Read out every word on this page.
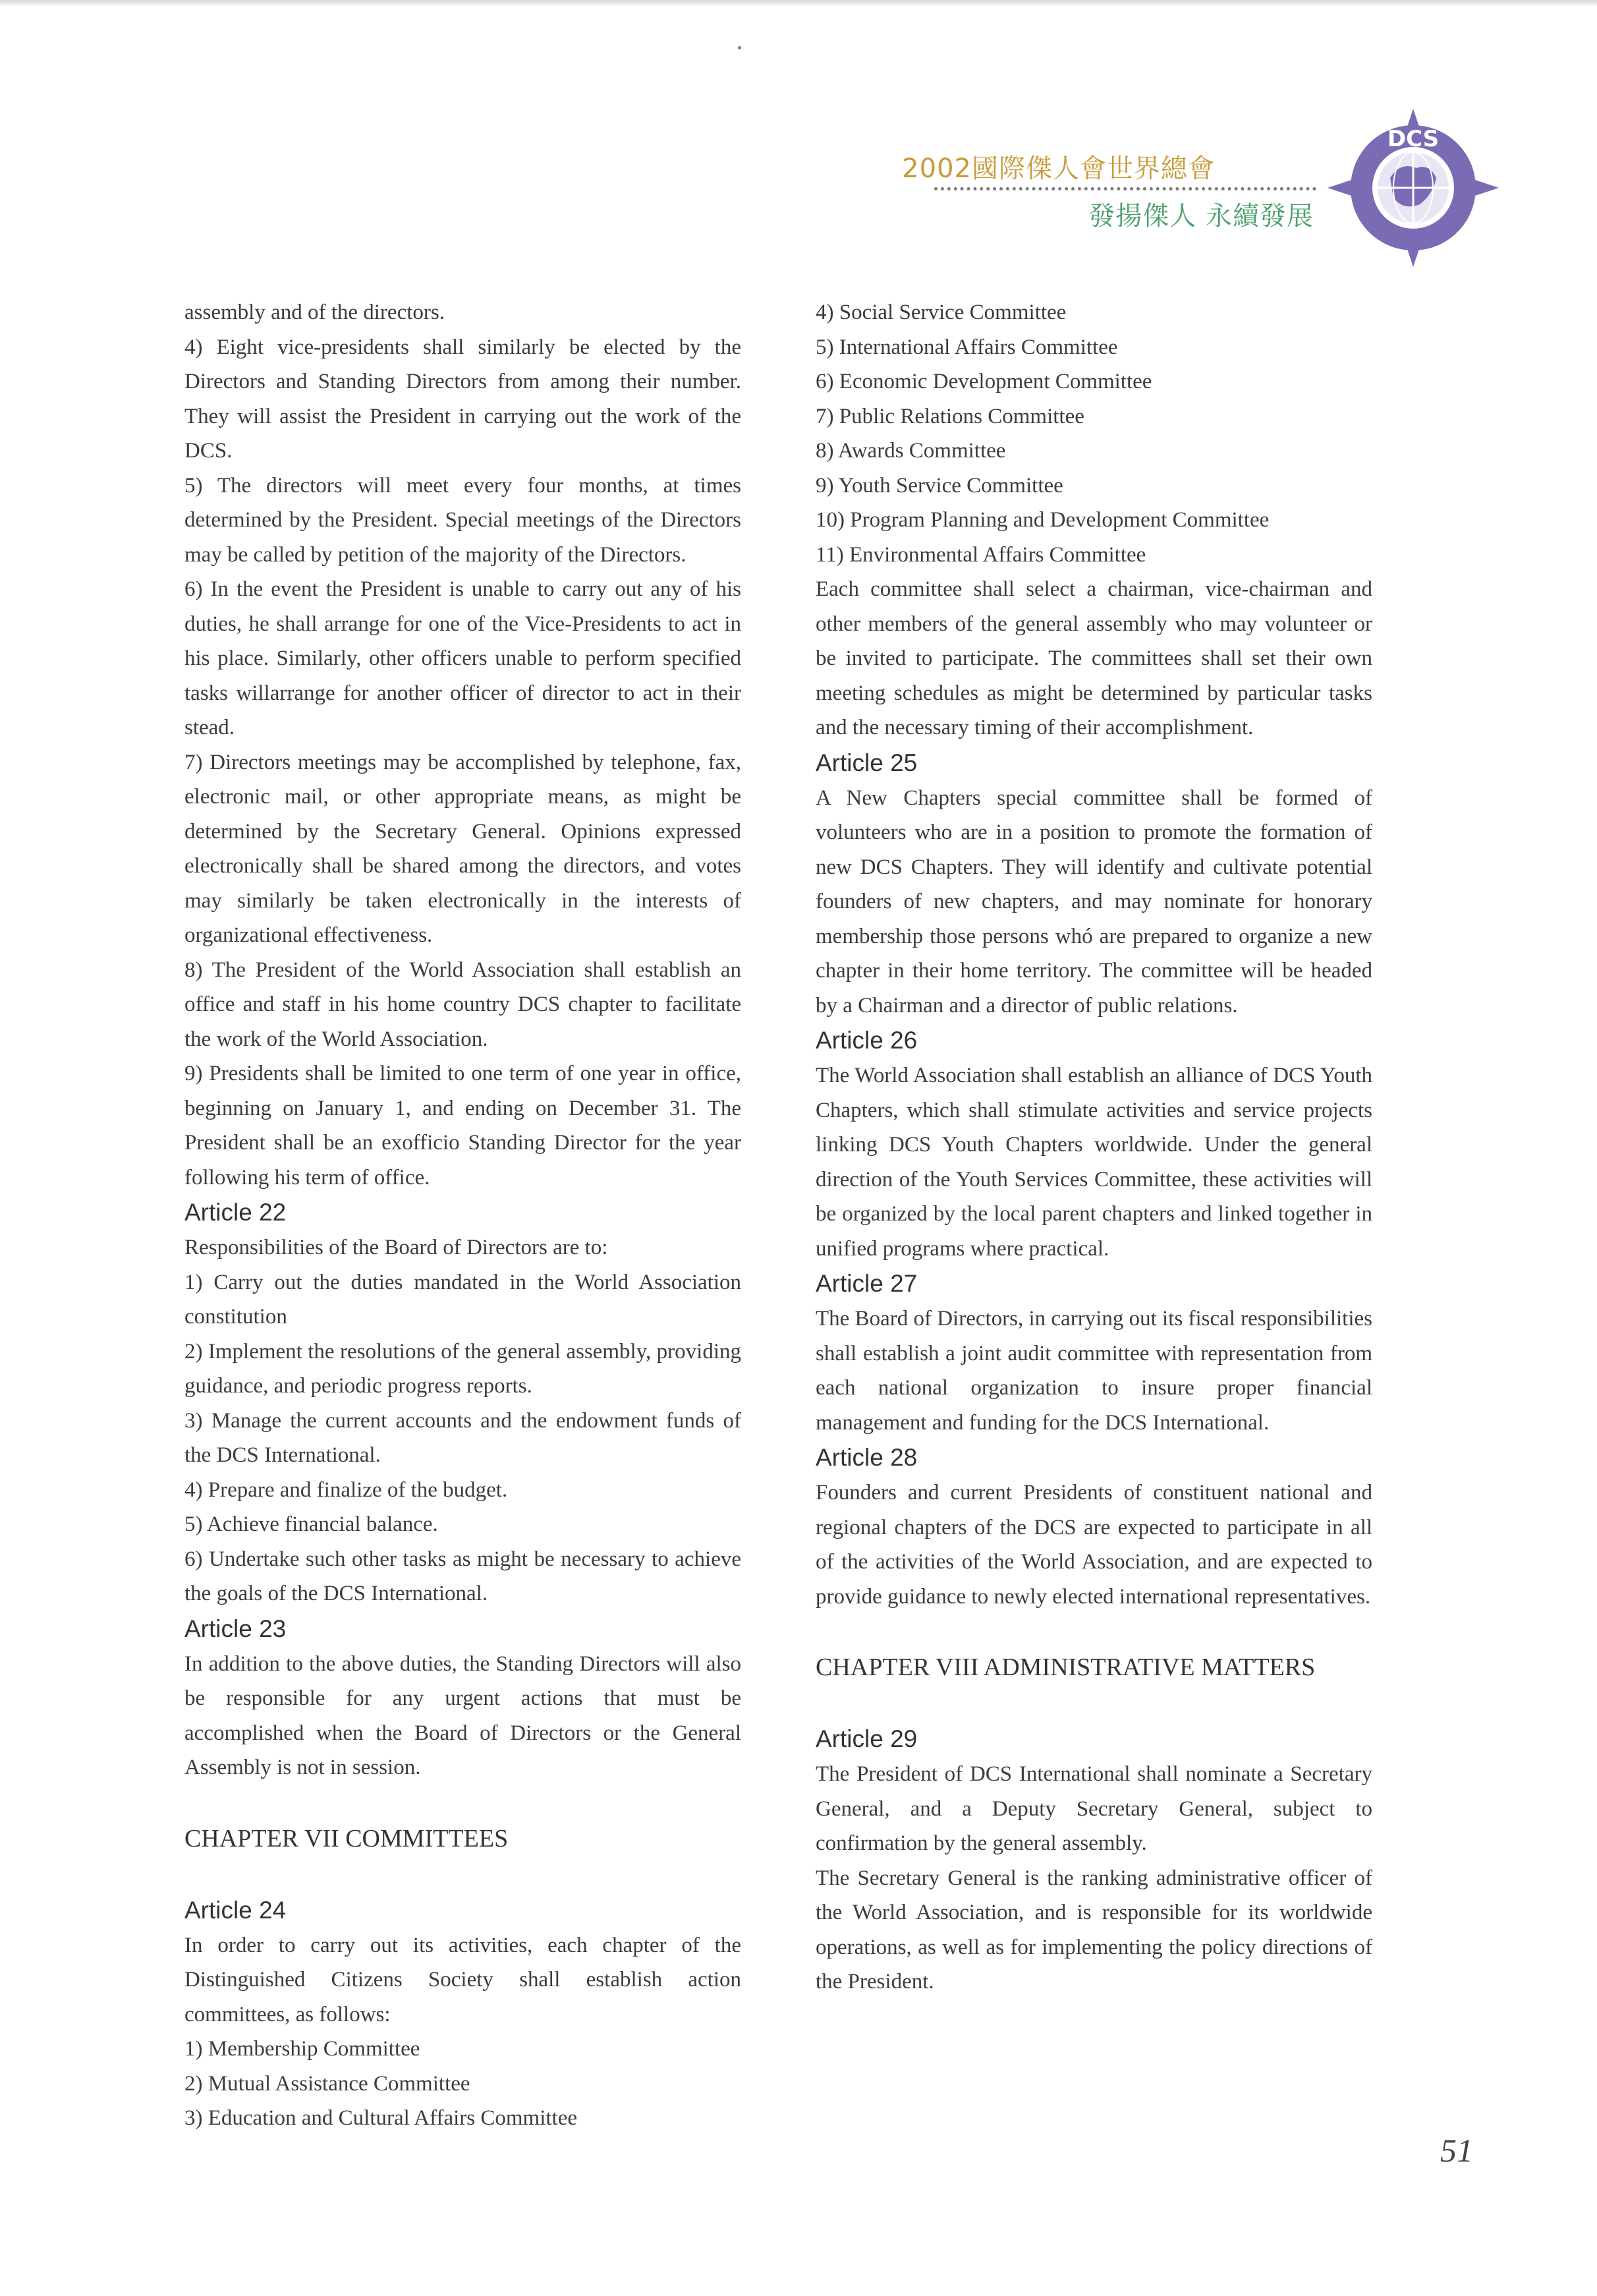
2002國際傑人會世界總會
發揚傑人 永續發展
DCS
assembly and of the directors.
4) Eight vice-presidents shall similarly be elected by the Directors and Standing Directors from among their number. They will assist the President in carrying out the work of the DCS.
5) The directors will meet every four months, at times determined by the President. Special meetings of the Directors may be called by petition of the majority of the Directors.
6) In the event the President is unable to carry out any of his duties, he shall arrange for one of the Vice-Presidents to act in his place. Similarly, other officers unable to perform specified tasks willarrange for another officer of director to act in their stead.
7) Directors meetings may be accomplished by telephone, fax, electronic mail, or other appropriate means, as might be determined by the Secretary General. Opinions expressed electronically shall be shared among the directors, and votes may similarly be taken electronically in the interests of organizational effectiveness.
8) The President of the World Association shall establish an office and staff in his home country DCS chapter to facilitate the work of the World Association.
9) Presidents shall be limited to one term of one year in office, beginning on January 1, and ending on December 31. The President shall be an exofficio Standing Director for the year following his term of office.
Article 22
Responsibilities of the Board of Directors are to:
1) Carry out the duties mandated in the World Association constitution
2) Implement the resolutions of the general assembly, providing guidance, and periodic progress reports.
3) Manage the current accounts and the endowment funds of the DCS International.
4) Prepare and finalize of the budget.
5) Achieve financial balance.
6) Undertake such other tasks as might be necessary to achieve the goals of the DCS International.
Article 23
In addition to the above duties, the Standing Directors will also be responsible for any urgent actions that must be accomplished when the Board of Directors or the General Assembly is not in session.
CHAPTER VII COMMITTEES
Article 24
In order to carry out its activities, each chapter of the Distinguished Citizens Society shall establish action committees, as follows:
1) Membership Committee
2) Mutual Assistance Committee
3) Education and Cultural Affairs Committee
4) Social Service Committee
5) International Affairs Committee
6) Economic Development Committee
7) Public Relations Committee
8) Awards Committee
9) Youth Service Committee
10) Program Planning and Development Committee
11) Environmental Affairs Committee
Each committee shall select a chairman, vice-chairman and other members of the general assembly who may volunteer or be invited to participate. The committees shall set their own meeting schedules as might be determined by particular tasks and the necessary timing of their accomplishment.
Article 25
A New Chapters special committee shall be formed of volunteers who are in a position to promote the formation of new DCS Chapters. They will identify and cultivate potential founders of new chapters, and may nominate for honorary membership those persons whó are prepared to organize a new chapter in their home territory. The committee will be headed by a Chairman and a director of public relations.
Article 26
The World Association shall establish an alliance of DCS Youth Chapters, which shall stimulate activities and service projects linking DCS Youth Chapters worldwide. Under the general direction of the Youth Services Committee, these activities will be organized by the local parent chapters and linked together in unified programs where practical.
Article 27
The Board of Directors, in carrying out its fiscal responsibilities shall establish a joint audit committee with representation from each national organization to insure proper financial management and funding for the DCS International.
Article 28
Founders and current Presidents of constituent national and regional chapters of the DCS are expected to participate in all of the activities of the World Association, and are expected to provide guidance to newly elected international representatives.
CHAPTER VIII ADMINISTRATIVE MATTERS
Article 29
The President of DCS International shall nominate a Secretary General, and a Deputy Secretary General, subject to confirmation by the general assembly.
The Secretary General is the ranking administrative officer of the World Association, and is responsible for its worldwide operations, as well as for implementing the policy directions of the President.
51
